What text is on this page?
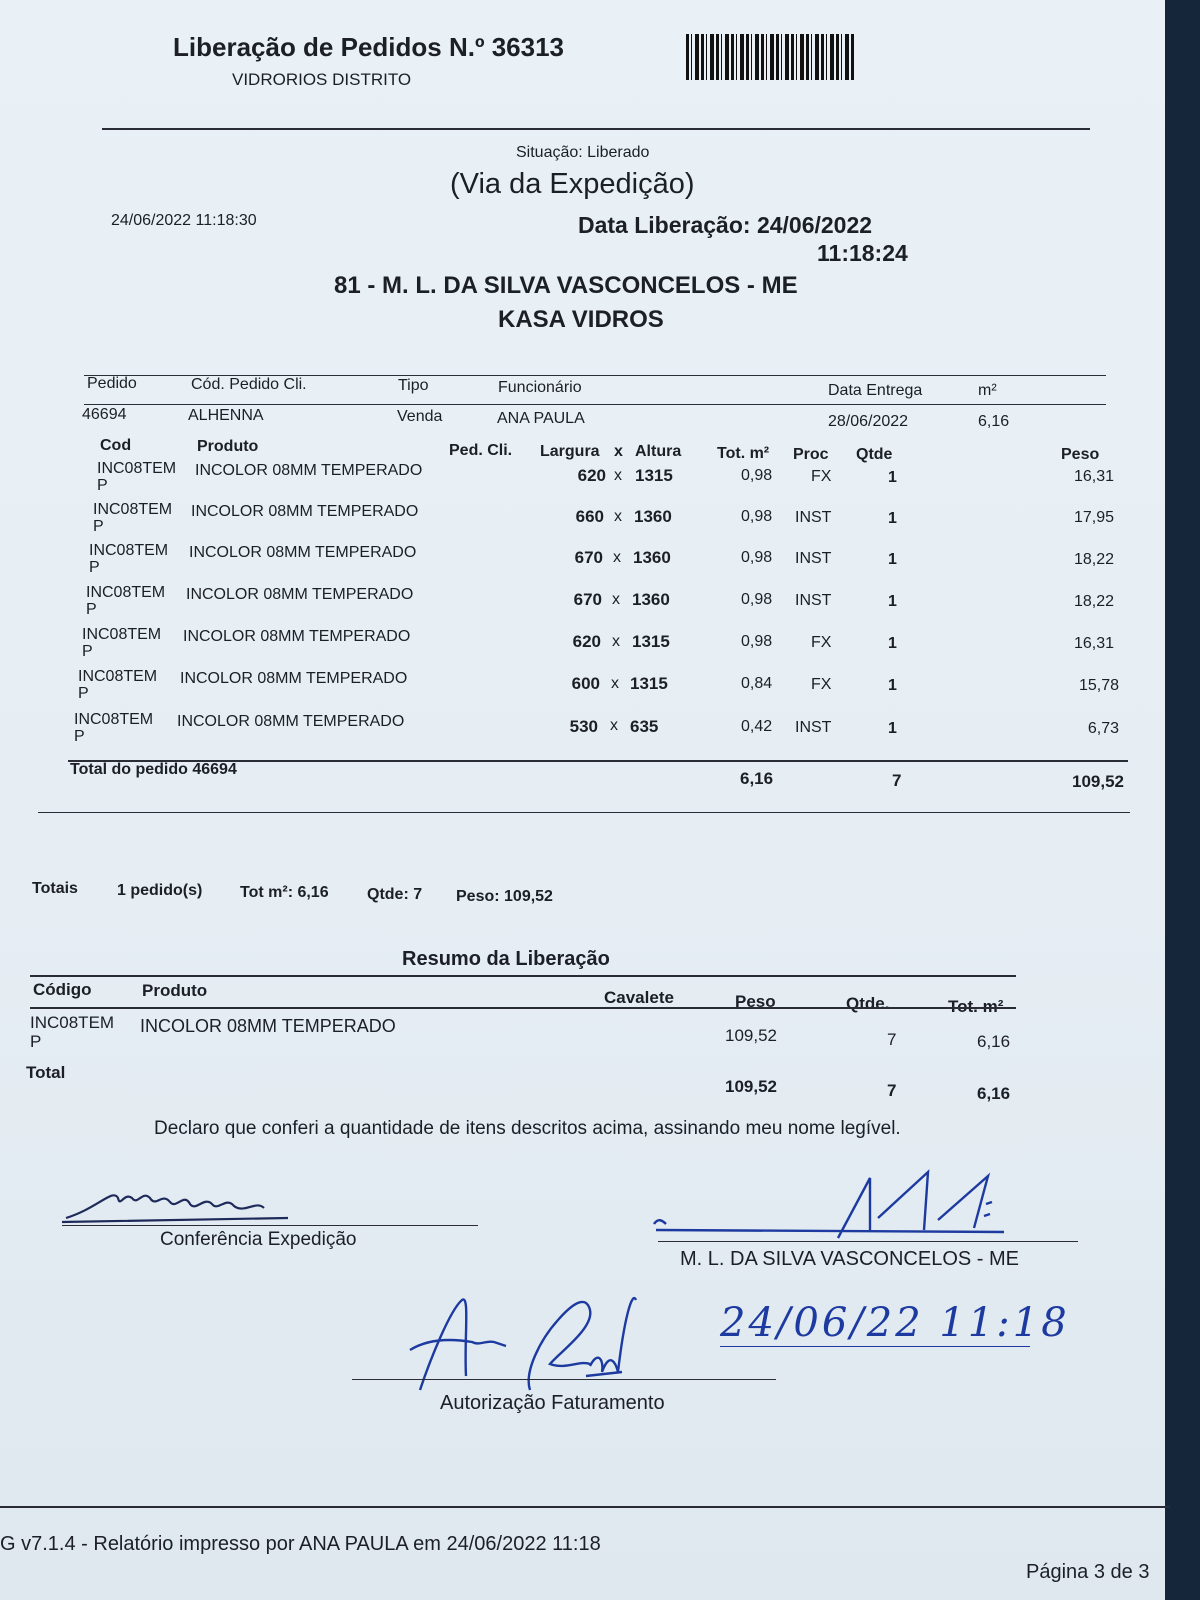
Liberação de Pedidos N.º 36313
VIDRORIOS DISTRITO
Situação: Liberado
(Via da Expedição)
24/06/2022 11:18:30	Data Liberação: 24/06/2022
11:18:24
81 - M. L. DA SILVA VASCONCELOS - ME
KASA VIDROS
Pedido	Cód. Pedido Cli.	Tipo	Funcionário	Data Entrega	m²
46694	ALHENNA	Venda	ANA PAULA	28/06/2022	6,16
Cod	Produto	Ped. Cli. Largura x Altura Tot. m² Proc Qtde	Peso
INC08TEM
P
INCOLOR 08MM TEMPERADO	620 x 1315	0,98 FX	1	16,31
INC08TEM
P
INCOLOR 08MM TEMPERADO	660 x 1360	0,98 INST	1	17,95
INC08TEM
P
INCOLOR 08MM TEMPERADO	670 x 1360	0,98 INST	1	18,22
INC08TEM
P
INCOLOR 08MM TEMPERADO	670 x 1360	0,98 INST	1	18,22
INC08TEM
P
INCOLOR 08MM TEMPERADO	620 x 1315	0,98 FX	1	16,31
INC08TEM
P
INCOLOR 08MM TEMPERADO	600 x 1315	0,84 FX	1	15,78
INC08TEM
P
INCOLOR 08MM TEMPERADO	530 x 635	0,42 INST	1	6,73
Total do pedido 46694	6,16	7	109,52
Totais 1 pedido(s) Tot m²: 6,16 Qtde: 7 Peso: 109,52
Resumo da Liberação
Código	Produto	Cavalete	Peso	Qtde.	Tot. m²
INC08TEM
P
INCOLOR 08MM TEMPERADO	109,52	7	6,16
Total
109,52	7	6,16
Declaro que conferi a quantidade de itens descritos acima, assinando meu nome legível.
Conferência Expedição
M. L. DA SILVA VASCONCELOS - ME
24/06/22 11:18
Autorização Faturamento
G v7.1.4 - Relatório impresso por ANA PAULA em 24/06/2022 11:18
Página 3 de 3
